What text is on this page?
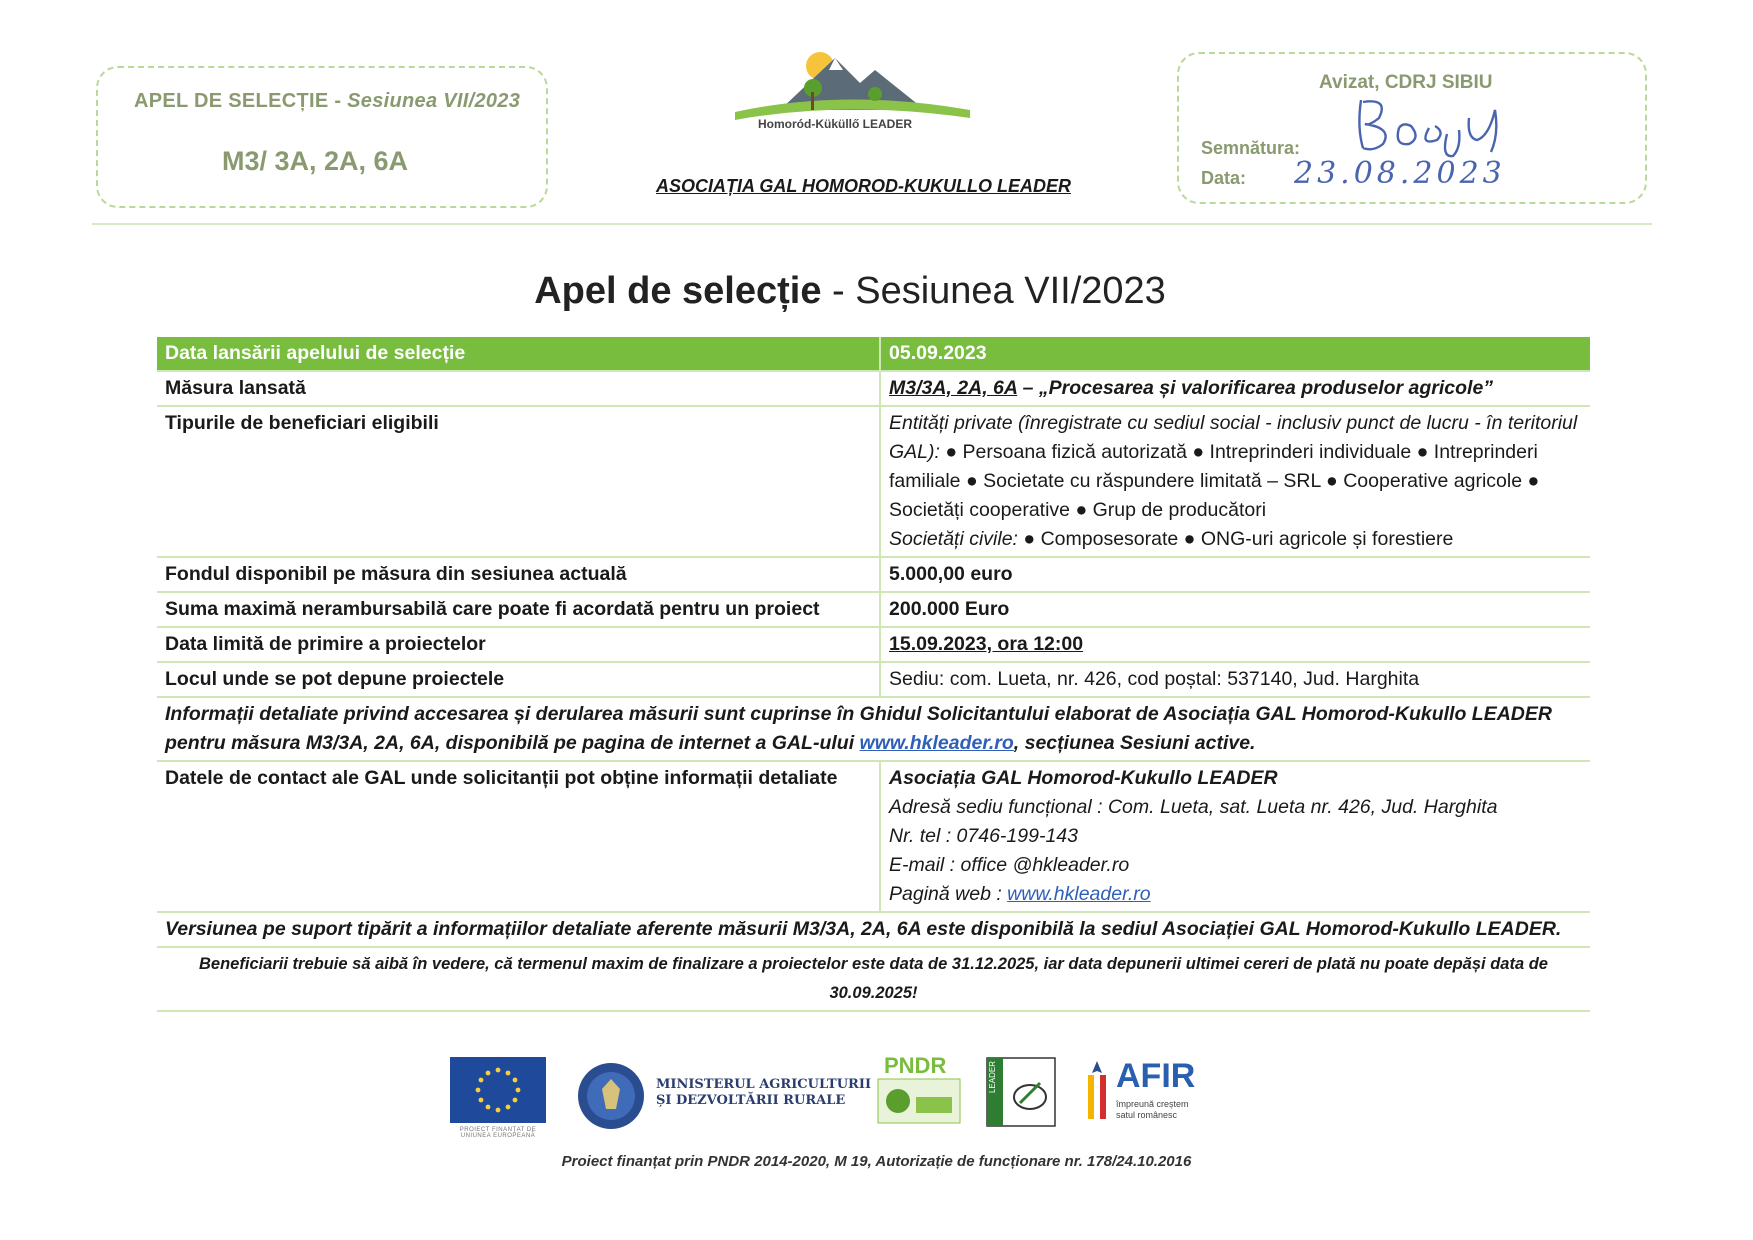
APEL DE SELECȚIE - Sesiunea VII/2023
M3/ 3A, 2A, 6A
Homoród-Küküllő LEADER
ASOCIAȚIA GAL HOMOROD-KUKULLO LEADER
Avizat, CDRJ SIBIU
Semnătura:
Data: 23.08.2023
Apel de selecție - Sesiunea VII/2023
Data lansării apelului de selecție	05.09.2023
Măsura lansată	M3/3A, 2A, 6A – „Procesarea și valorificarea produselor agricole”
Tipurile de beneficiari eligibili	Entități private (înregistrate cu sediul social - inclusiv punct de lucru - în teritoriul GAL): ● Persoana fizică autorizată ● Intreprinderi individuale ● Intreprinderi familiale ● Societate cu răspundere limitată – SRL ● Cooperative agricole ● Societăți cooperative ● Grup de producători
Societăți civile: ● Composesorate ● ONG-uri agricole și forestiere
Fondul disponibil pe măsura din sesiunea actuală	5.000,00 euro
Suma maximă nerambursabilă care poate fi acordată pentru un proiect	200.000 Euro
Data limită de primire a proiectelor	15.09.2023, ora 12:00
Locul unde se pot depune proiectele	Sediu: com. Lueta, nr. 426, cod poștal: 537140, Jud. Harghita
Informații detaliate privind accesarea și derularea măsurii sunt cuprinse în Ghidul Solicitantului elaborat de Asociația GAL Homorod-Kukullo LEADER pentru măsura M3/3A, 2A, 6A, disponibilă pe pagina de internet a GAL-ului www.hkleader.ro, secțiunea Sesiuni active.	
Datele de contact ale GAL unde solicitanții pot obține informații detaliate	Asociația GAL Homorod-Kukullo LEADER
Adresă sediu funcțional : Com. Lueta, sat. Lueta nr. 426, Jud. Harghita
Nr. tel : 0746-199-143
E-mail : office @hkleader.ro
Pagină web : www.hkleader.ro
Versiunea pe suport tipărit a informațiilor detaliate aferente măsurii M3/3A, 2A, 6A este disponibilă la sediul Asociației GAL Homorod-Kukullo LEADER.	
Beneficiarii trebuie să aibă în vedere, că termenul maxim de finalizare a proiectelor este data de 31.12.2025, iar data depunerii ultimei cereri de plată nu poate depăși data de 30.09.2025!	
PROIECT FINANȚAT DE UNIUNEA EUROPEANĂ
MINISTERUL AGRICULTURII
ȘI DEZVOLTĂRII RURALE
PNDR	LEADER	AFIR
împreună creștem satul românesc
Proiect finanțat prin PNDR 2014-2020, M 19, Autorizație de funcționare nr. 178/24.10.2016
